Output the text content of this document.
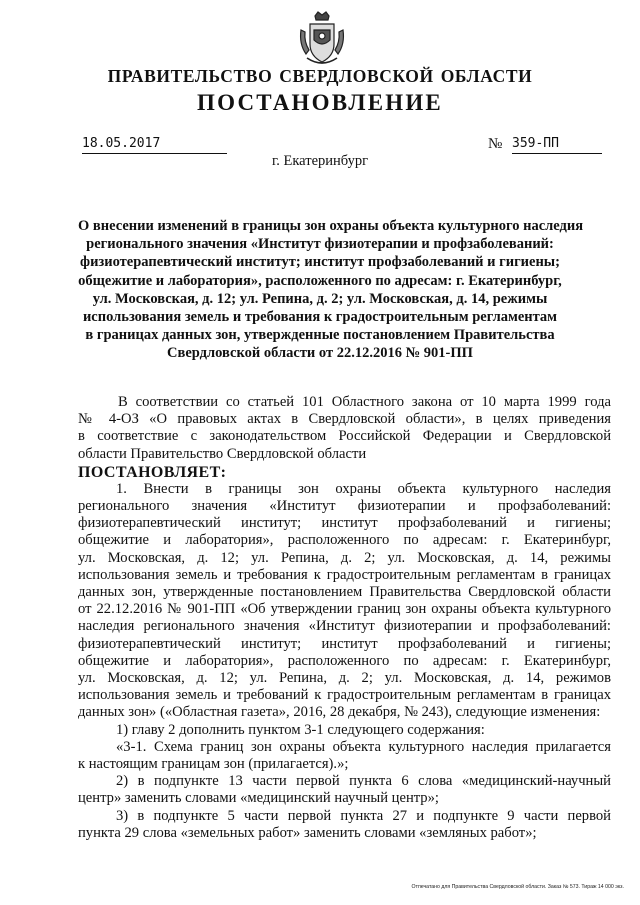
ПРАВИТЕЛЬСТВО СВЕРДЛОВСКОЙ ОБЛАСТИ
ПОСТАНОВЛЕНИЕ
18.05.2017	№ 359-ПП
г. Екатеринбург
О внесении изменений в границы зон охраны объекта культурного наследия
регионального значения «Институт физиотерапии и профзаболеваний:
физиотерапевтический институт; институт профзаболеваний и гигиены;
общежитие и лаборатория», расположенного по адресам: г. Екатеринбург,
ул. Московская, д. 12; ул. Репина, д. 2; ул. Московская, д. 14, режимы
использования земель и требования к градостроительным регламентам
в границах данных зон, утвержденные постановлением Правительства
Свердловской области от 22.12.2016 № 901-ПП
В соответствии со статьей 101 Областного закона от 10 марта 1999 года
№ 4-ОЗ «О правовых актах в Свердловской области», в целях приведения
в соответствие с законодательством Российской Федерации и Свердловской
области Правительство Свердловской области
ПОСТАНОВЛЯЕТ:
1. Внести в границы зон охраны объекта культурного наследия
регионального значения «Институт физиотерапии и профзаболеваний:
физиотерапевтический институт; институт профзаболеваний и гигиены;
общежитие и лаборатория», расположенного по адресам: г. Екатеринбург,
ул. Московская, д. 12; ул. Репина, д. 2; ул. Московская, д. 14, режимы
использования земель и требования к градостроительным регламентам в границах
данных зон, утвержденные постановлением Правительства Свердловской области
от 22.12.2016 № 901-ПП «Об утверждении границ зон охраны объекта культурного
наследия регионального значения «Институт физиотерапии и профзаболеваний:
физиотерапевтический институт; институт профзаболеваний и гигиены;
общежитие и лаборатория», расположенного по адресам: г. Екатеринбург,
ул. Московская, д. 12; ул. Репина, д. 2; ул. Московская, д. 14, режимов
использования земель и требований к градостроительным регламентам в границах
данных зон» («Областная газета», 2016, 28 декабря, № 243), следующие изменения:
1) главу 2 дополнить пунктом 3-1 следующего содержания:
«3-1. Схема границ зон охраны объекта культурного наследия прилагается
к настоящим границам зон (прилагается).»;
2) в подпункте 13 части первой пункта 6 слова «медицинский-научный
центр» заменить словами «медицинский научный центр»;
3) в подпункте 5 части первой пункта 27 и подпункте 9 части первой
пункта 29 слова «земельных работ» заменить словами «земляных работ»;
Отпечатано для Правительства Свердловской области. Заказ № 573. Тираж 14 000 экз.
